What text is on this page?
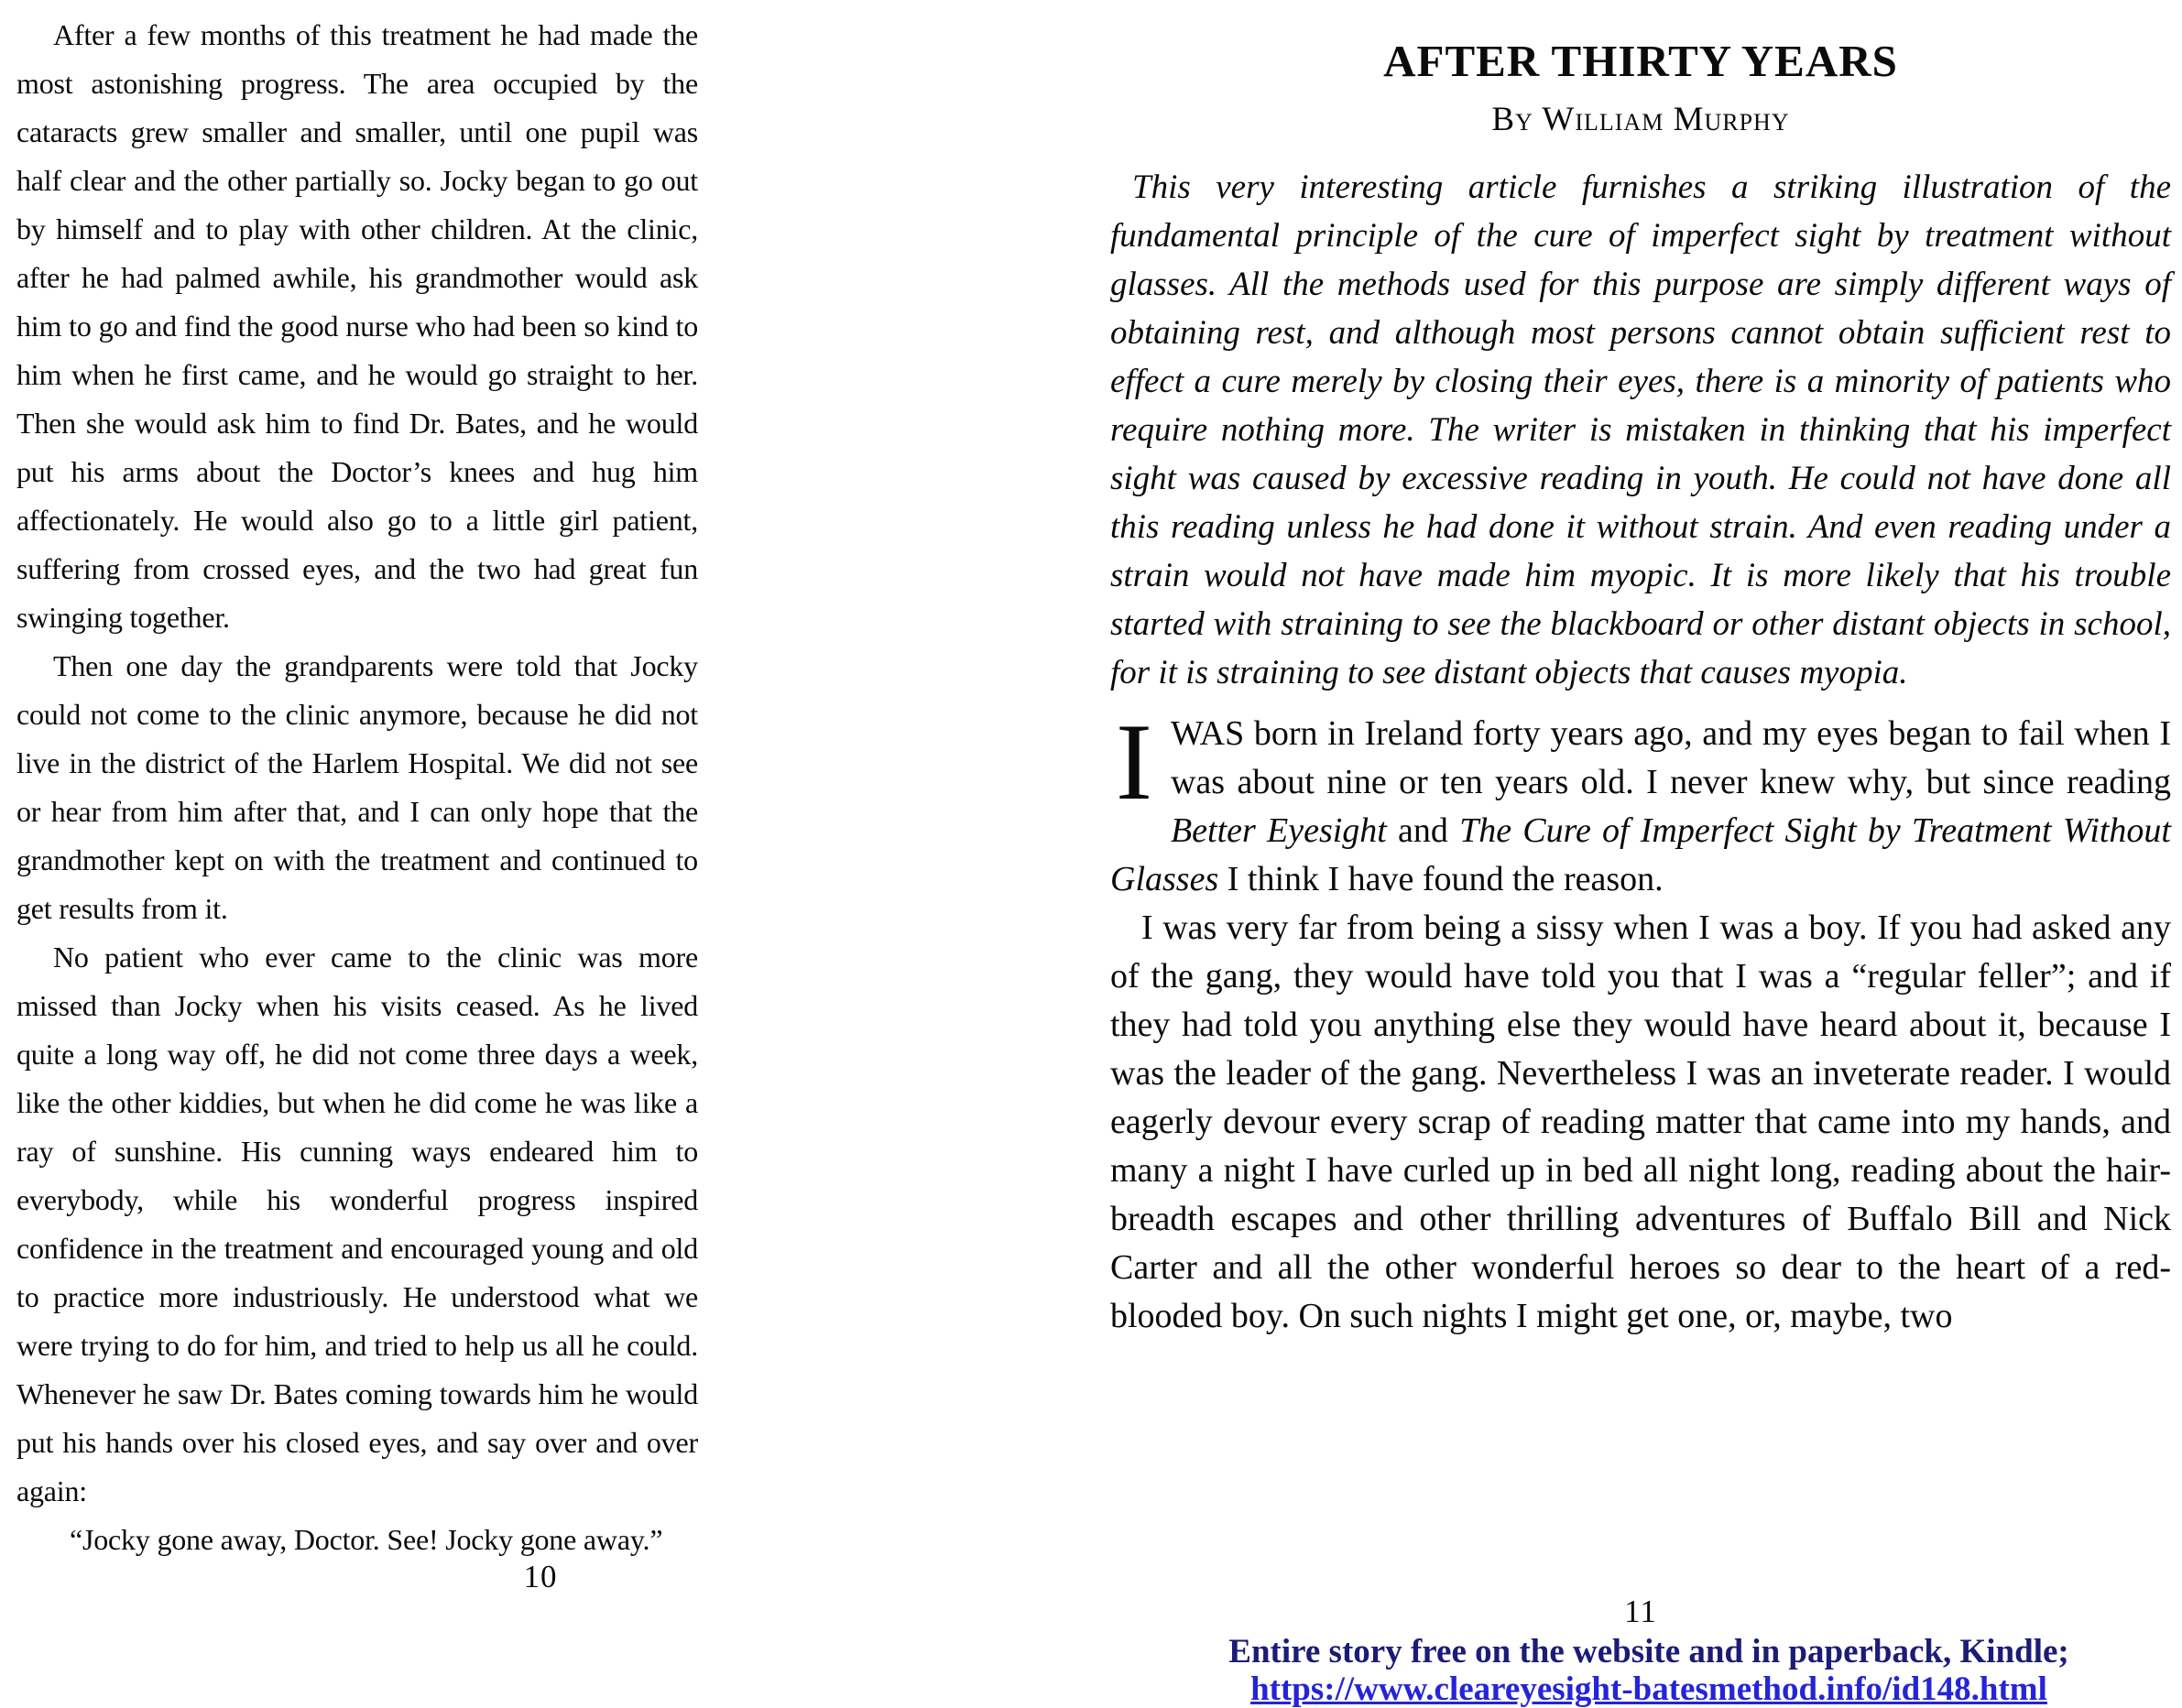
After a few months of this treatment he had made the most astonishing progress. The area occupied by the cataracts grew smaller and smaller, until one pupil was half clear and the other partially so. Jocky began to go out by himself and to play with other children. At the clinic, after he had palmed awhile, his grandmother would ask him to go and find the good nurse who had been so kind to him when he first came, and he would go straight to her. Then she would ask him to find Dr. Bates, and he would put his arms about the Doctor’s knees and hug him affectionately. He would also go to a little girl patient, suffering from crossed eyes, and the two had great fun swinging together.

Then one day the grandparents were told that Jocky could not come to the clinic anymore, because he did not live in the district of the Harlem Hospital. We did not see or hear from him after that, and I can only hope that the grandmother kept on with the treatment and continued to get results from it.

No patient who ever came to the clinic was more missed than Jocky when his visits ceased. As he lived quite a long way off, he did not come three days a week, like the other kiddies, but when he did come he was like a ray of sunshine. His cunning ways endeared him to everybody, while his wonderful progress inspired confidence in the treatment and encouraged young and old to practice more industriously. He understood what we were trying to do for him, and tried to help us all he could. Whenever he saw Dr. Bates coming towards him he would put his hands over his closed eyes, and say over and over again:

“Jocky gone away, Doctor. See! Jocky gone away.”

10
AFTER THIRTY YEARS
By William Murphy

This very interesting article furnishes a striking illustration of the fundamental principle of the cure of imperfect sight by treatment without glasses. All the methods used for this purpose are simply different ways of obtaining rest, and although most persons cannot obtain sufficient rest to effect a cure merely by closing their eyes, there is a minority of patients who require nothing more. The writer is mistaken in thinking that his imperfect sight was caused by excessive reading in youth. He could not have done all this reading unless he had done it without strain. And even reading under a strain would not have made him myopic. It is more likely that his trouble started with straining to see the blackboard or other distant objects in school, for it is straining to see distant objects that causes myopia.

IWAS born in Ireland forty years ago, and my eyes began to fail when I was about nine or ten years old. I never knew why, but since reading Better Eyesight and The Cure of Imperfect Sight by Treatment Without Glasses I think I have found the reason.

I was very far from being a sissy when I was a boy. If you had asked any of the gang, they would have told you that I was a “regular feller”; and if they had told you anything else they would have heard about it, because I was the leader of the gang. Nevertheless I was an inveterate reader. I would eagerly devour every scrap of reading matter that came into my hands, and many a night I have curled up in bed all night long, reading about the hair-breadth escapes and other thrilling adventures of Buffalo Bill and Nick Carter and all the other wonderful heroes so dear to the heart of a red-blooded boy. On such nights I might get one, or, maybe, two

11
Entire story free on the website and in paperback, Kindle;
https://www.cleareyesight-batesmethod.info/id148.html
